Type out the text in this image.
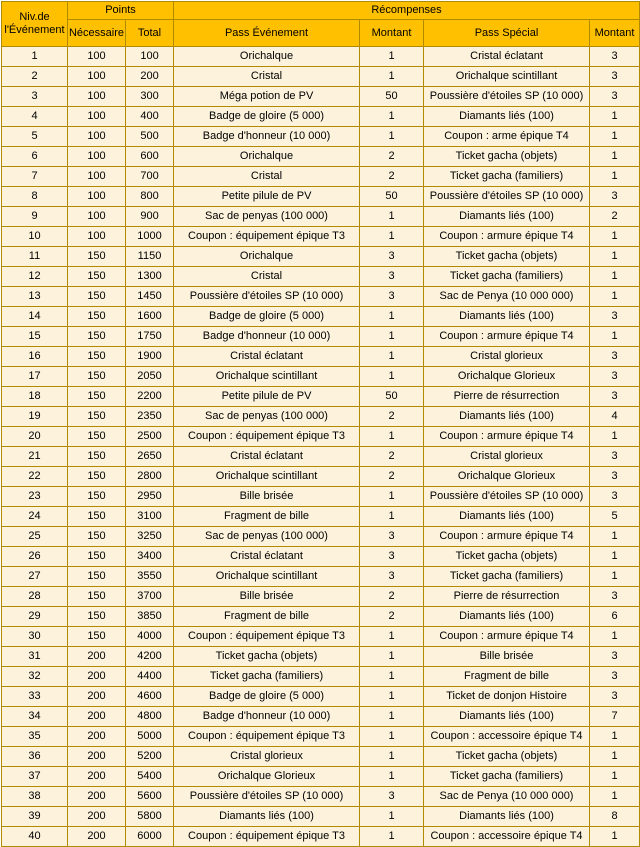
Niv.de
l'Événement	Points		Récompenses			
	Nécessaire	Total	Pass Événement	Montant	Pass Spécial	Montant
1	100	100	Orichalque	1	Cristal éclatant	3
2	100	200	Cristal	1	Orichalque scintillant	3
3	100	300	Méga potion de PV	50	Poussière d'étoiles SP (10 000)	3
4	100	400	Badge de gloire (5 000)	1	Diamants liés (100)	1
5	100	500	Badge d'honneur (10 000)	1	Coupon : arme épique T4	1
6	100	600	Orichalque	2	Ticket gacha (objets)	1
7	100	700	Cristal	2	Ticket gacha (familiers)	1
8	100	800	Petite pilule de PV	50	Poussière d'étoiles SP (10 000)	3
9	100	900	Sac de penyas (100 000)	1	Diamants liés (100)	2
10	100	1000	Coupon : équipement épique T3	1	Coupon : armure épique T4	1
11	150	1150	Orichalque	3	Ticket gacha (objets)	1
12	150	1300	Cristal	3	Ticket gacha (familiers)	1
13	150	1450	Poussière d'étoiles SP (10 000)	3	Sac de Penya (10 000 000)	1
14	150	1600	Badge de gloire (5 000)	1	Diamants liés (100)	3
15	150	1750	Badge d'honneur (10 000)	1	Coupon : armure épique T4	1
16	150	1900	Cristal éclatant	1	Cristal glorieux	3
17	150	2050	Orichalque scintillant	1	Orichalque Glorieux	3
18	150	2200	Petite pilule de PV	50	Pierre de résurrection	3
19	150	2350	Sac de penyas (100 000)	2	Diamants liés (100)	4
20	150	2500	Coupon : équipement épique T3	1	Coupon : armure épique T4	1
21	150	2650	Cristal éclatant	2	Cristal glorieux	3
22	150	2800	Orichalque scintillant	2	Orichalque Glorieux	3
23	150	2950	Bille brisée	1	Poussière d'étoiles SP (10 000)	3
24	150	3100	Fragment de bille	1	Diamants liés (100)	5
25	150	3250	Sac de penyas (100 000)	3	Coupon : armure épique T4	1
26	150	3400	Cristal éclatant	3	Ticket gacha (objets)	1
27	150	3550	Orichalque scintillant	3	Ticket gacha (familiers)	1
28	150	3700	Bille brisée	2	Pierre de résurrection	3
29	150	3850	Fragment de bille	2	Diamants liés (100)	6
30	150	4000	Coupon : équipement épique T3	1	Coupon : armure épique T4	1
31	200	4200	Ticket gacha (objets)	1	Bille brisée	3
32	200	4400	Ticket gacha (familiers)	1	Fragment de bille	3
33	200	4600	Badge de gloire (5 000)	1	Ticket de donjon Histoire	3
34	200	4800	Badge d'honneur (10 000)	1	Diamants liés (100)	7
35	200	5000	Coupon : équipement épique T3	1	Coupon : accessoire épique T4	1
36	200	5200	Cristal glorieux	1	Ticket gacha (objets)	1
37	200	5400	Orichalque Glorieux	1	Ticket gacha (familiers)	1
38	200	5600	Poussière d'étoiles SP (10 000)	3	Sac de Penya (10 000 000)	1
39	200	5800	Diamants liés (100)	1	Diamants liés (100)	8
40	200	6000	Coupon : équipement épique T3	1	Coupon : accessoire épique T4	1
